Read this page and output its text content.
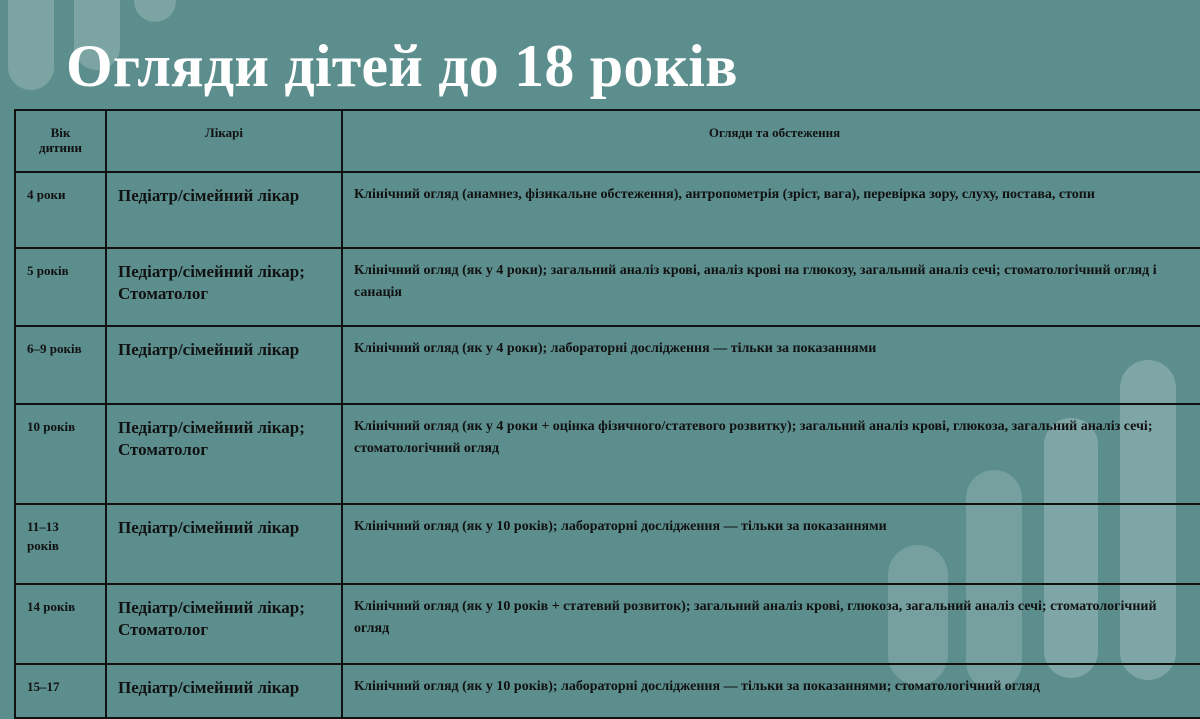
Огляди дітей до 18 років
Вік дитини	Лікарі	Огляди та обстеження

4 роки	Педіатр/сімейний лікар	Клінічний огляд (анамнез, фізикальне обстеження), антропометрія (зріст, вага), перевірка зору, слуху, постава, стопи
5 років	Педіатр/сімейний лікар; Стоматолог	Клінічний огляд (як у 4 роки); загальний аналіз крові, аналіз крові на глюкозу, загальний аналіз сечі; стоматологічний огляд і санація
6–9 років	Педіатр/сімейний лікар	Клінічний огляд (як у 4 роки); лабораторні дослідження — тільки за показаннями
10 років	Педіатр/сімейний лікар; Стоматолог	Клінічний огляд (як у 4 роки + оцінка фізичного/статевого розвитку); загальний аналіз крові, глюкоза, загальний аналіз сечі; стоматологічний огляд
11–13 років	Педіатр/сімейний лікар	Клінічний огляд (як у 10 років); лабораторні дослідження — тільки за показаннями
14 років	Педіатр/сімейний лікар; Стоматолог	Клінічний огляд (як у 10 років + статевий розвиток); загальний аналіз крові, глюкоза, загальний аналіз сечі; стоматологічний огляд
15–17	Педіатр/сімейний лікар	Клінічний огляд (як у 10 років); лабораторні дослідження — тільки за показаннями; стоматологічний огляд
